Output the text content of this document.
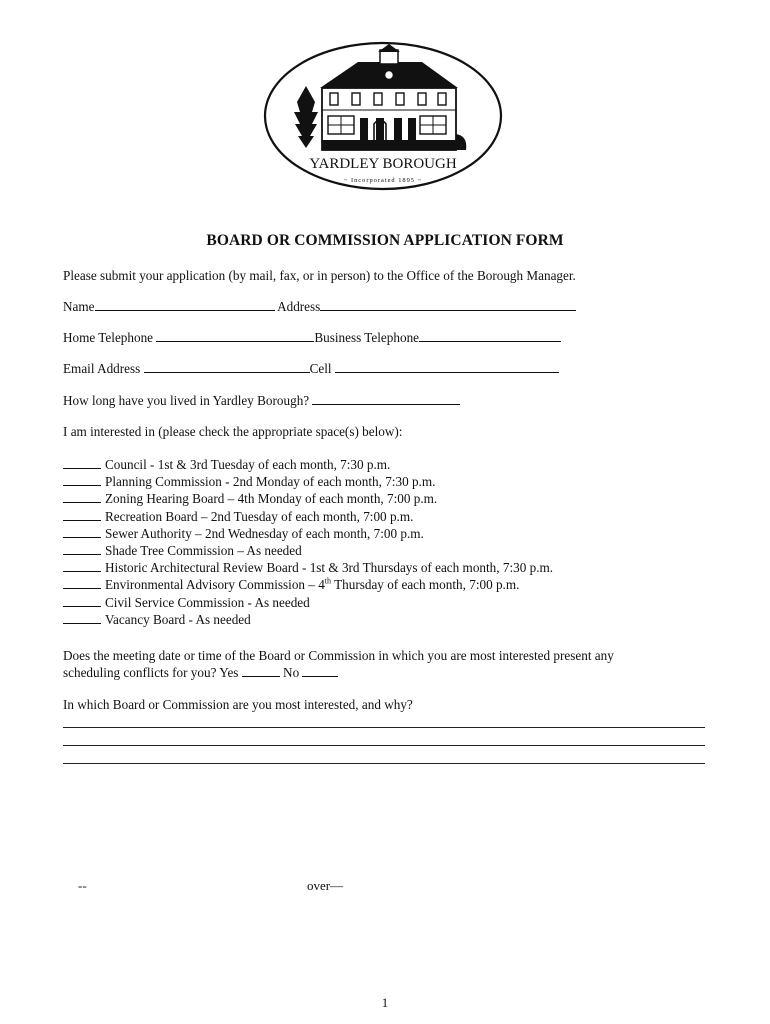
YARDLEY BOROUGH
~ Incorporated 1895 ~
BOARD OR COMMISSION APPLICATION FORM
Please submit your application (by mail, fax, or in person) to the Office of the Borough Manager.
Name	Address
Home Telephone	Business Telephone
Email Address	Cell
How long have you lived in Yardley Borough?
I am interested in (please check the appropriate space(s) below):
Council - 1st & 3rd Tuesday of each month, 7:30 p.m.
Planning Commission - 2nd Monday of each month, 7:30 p.m.
Zoning Hearing Board – 4th Monday of each month, 7:00 p.m.
Recreation Board – 2nd Tuesday of each month, 7:00 p.m.
Sewer Authority – 2nd Wednesday of each month, 7:00 p.m.
Shade Tree Commission – As needed
Historic Architectural Review Board - 1st & 3rd Thursdays of each month, 7:30 p.m.
Environmental Advisory Commission – 4th Thursday of each month, 7:00 p.m.
Civil Service Commission - As needed
Vacancy Board - As needed
Does the meeting date or time of the Board or Commission in which you are most interested present any
scheduling conflicts for you? Yes	No
In which Board or Commission are you most interested, and why?
--	over—
1
